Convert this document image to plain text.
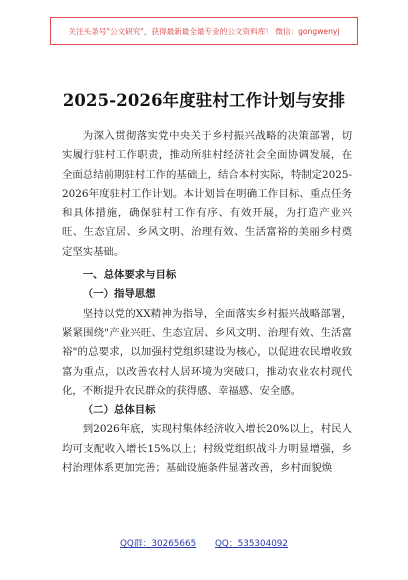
关注头条号"公文研究"，获得最新最全最专业的公文资料库！ 微信：gongwenyj
2025-2026年度驻村工作计划与安排

为深入贯彻落实党中央关于乡村振兴战略的决策部署，切实履行驻村工作职责，推动所驻村经济社会全面协调发展，在全面总结前期驻村工作的基础上，结合本村实际，特制定2025-2026年度驻村工作计划。本计划旨在明确工作目标、重点任务和具体措施，确保驻村工作有序、有效开展，为打造产业兴旺、生态宜居、乡风文明、治理有效、生活富裕的美丽乡村奠定坚实基础。

一、总体要求与目标

（一）指导思想

坚持以党的XX精神为指导，全面落实乡村振兴战略部署，紧紧围绕"产业兴旺、生态宜居、乡风文明、治理有效、生活富裕"的总要求，以加强村党组织建设为核心，以促进农民增收致富为重点，以改善农村人居环境为突破口，推动农业农村现代化，不断提升农民群众的获得感、幸福感、安全感。

（二）总体目标

到2026年底，实现村集体经济收入增长20%以上，村民人均可支配收入增长15%以上；村级党组织战斗力明显增强，乡村治理体系更加完善；基础设施条件显著改善，乡村面貌焕

QQ群：30265665 QQ：535304092
